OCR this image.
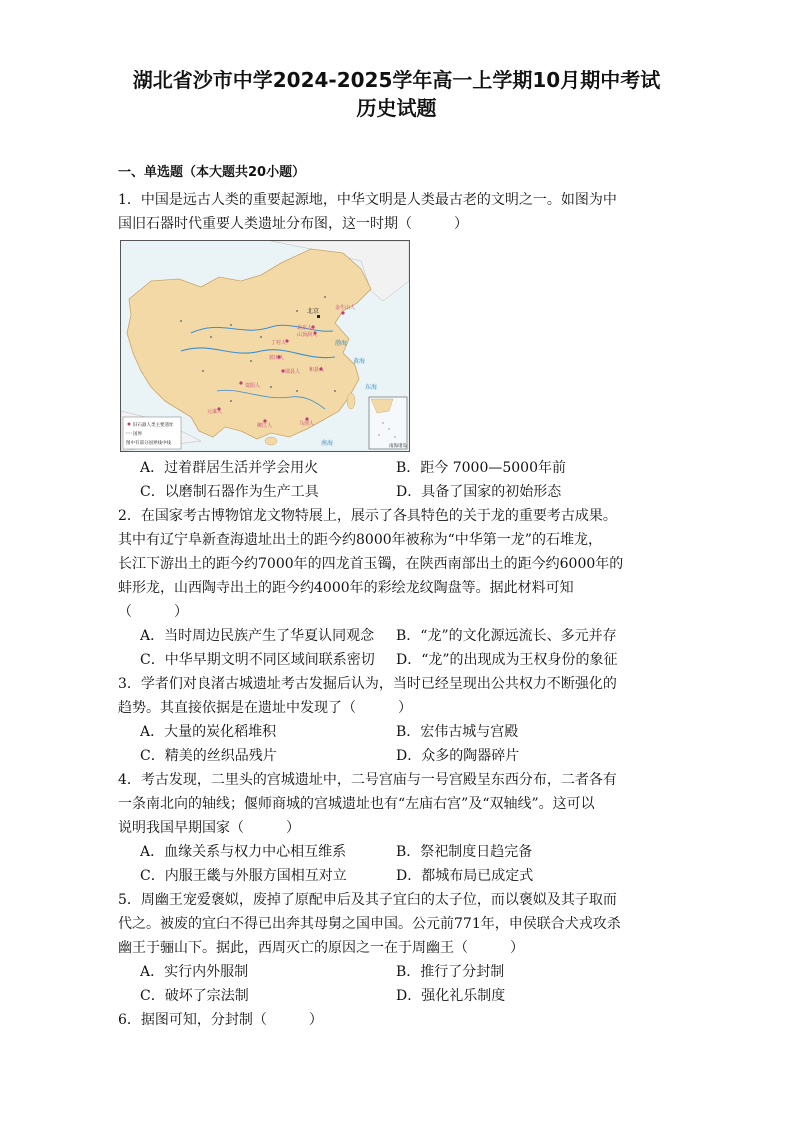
湖北省沙市中学2024-2025学年高一上学期10月期中考试
历史试题
一、单选题（本大题共20小题）
1．中国是远古人类的重要起源地，中华文明是人类最古老的文明之一。如图为中
国旧石器时代重要人类遗址分布图，这一时期（　　　）
渤海
黄海
东海
南海
北京	金牛山人
北京人
山顶洞人
丁村人
蓝田人
和县人
郧县人
元谋人
资阳人
柳江人	马坝人
旧石器人类主要遗址
国界
图中有部分国界线中线
南海诸岛
A．过着群居生活并学会用火	B．距今 7000—5000年前
C．以磨制石器作为生产工具	D．具备了国家的初始形态
2．在国家考古博物馆龙文物特展上，展示了各具特色的关于龙的重要考古成果。
其中有辽宁阜新查海遗址出土的距今约8000年被称为“中华第一龙”的石堆龙，
长江下游出土的距今约7000年的四龙首玉镯，在陕西南部出土的距今约6000年的
蚌形龙，山西陶寺出土的距今约4000年的彩绘龙纹陶盘等。据此材料可知
（　　　）
A．当时周边民族产生了华夏认同观念 B．“龙”的文化源远流长、多元并存
C．中华早期文明不同区域间联系密切 D．“龙”的出现成为王权身份的象征
3．学者们对良渚古城遗址考古发掘后认为，当时已经呈现出公共权力不断强化的
趋势。其直接依据是在遗址中发现了（　　　）
A．大量的炭化稻堆积	B．宏伟古城与宫殿
C．精美的丝织品残片	D．众多的陶器碎片
4．考古发现，二里头的宫城遗址中，二号宫庙与一号宫殿呈东西分布，二者各有
一条南北向的轴线；偃师商城的宫城遗址也有“左庙右宫”及“双轴线”。这可以
说明我国早期国家（　　　）
A．血缘关系与权力中心相互维系	B．祭祀制度日趋完备
C．内服王畿与外服方国相互对立	D．都城布局已成定式
5．周幽王宠爱褒姒，废掉了原配申后及其子宜臼的太子位，而以褒姒及其子取而
代之。被废的宜臼不得已出奔其母舅之国申国。公元前771年，申侯联合犬戎攻杀
幽王于骊山下。据此，西周灭亡的原因之一在于周幽王（　　　）
A．实行内外服制	B．推行了分封制
C．破坏了宗法制	D．强化礼乐制度
6．据图可知，分封制（　　　）
